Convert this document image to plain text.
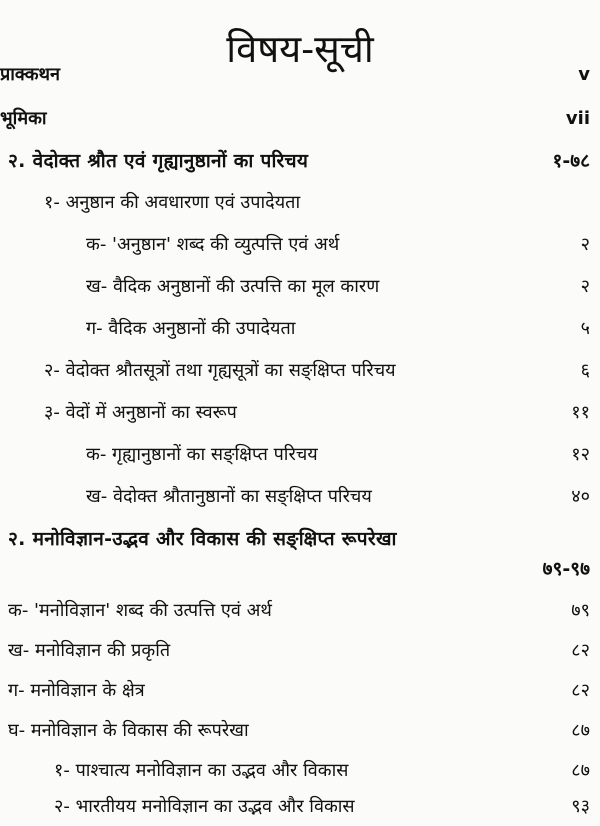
विषय-सूची
प्राक्कथन	v
भूमिका	vii
२. वेदोक्त श्रौत एवं गृह्यानुष्ठानों का परिचय	१-७८
१- अनुष्ठान की अवधारणा एवं उपादेयता
क- 'अनुष्ठान' शब्द की व्युत्पत्ति एवं अर्थ	२
ख- वैदिक अनुष्ठानों की उत्पत्ति का मूल कारण	२
ग- वैदिक अनुष्ठानों की उपादेयता	५
२- वेदोक्त श्रौतसूत्रों तथा गृह्यसूत्रों का सङ्क्षिप्त परिचय	६
३- वेदों में अनुष्ठानों का स्वरूप	११
क- गृह्यानुष्ठानों का सङ्क्षिप्त परिचय	१२
ख- वेदोक्त श्रौतानुष्ठानों का सङ्क्षिप्त परिचय	४०
२. मनोविज्ञान-उद्भव और विकास की सङ्क्षिप्त रूपरेखा
७९-९७
क- 'मनोविज्ञान' शब्द की उत्पत्ति एवं अर्थ	७९
ख- मनोविज्ञान की प्रकृति	८२
ग- मनोविज्ञान के क्षेत्र	८२
घ- मनोविज्ञान के विकास की रूपरेखा	८७
१- पाश्चात्य मनोविज्ञान का उद्भव और विकास	८७
२- भारतीयय मनोविज्ञान का उद्भव और विकास	९३
